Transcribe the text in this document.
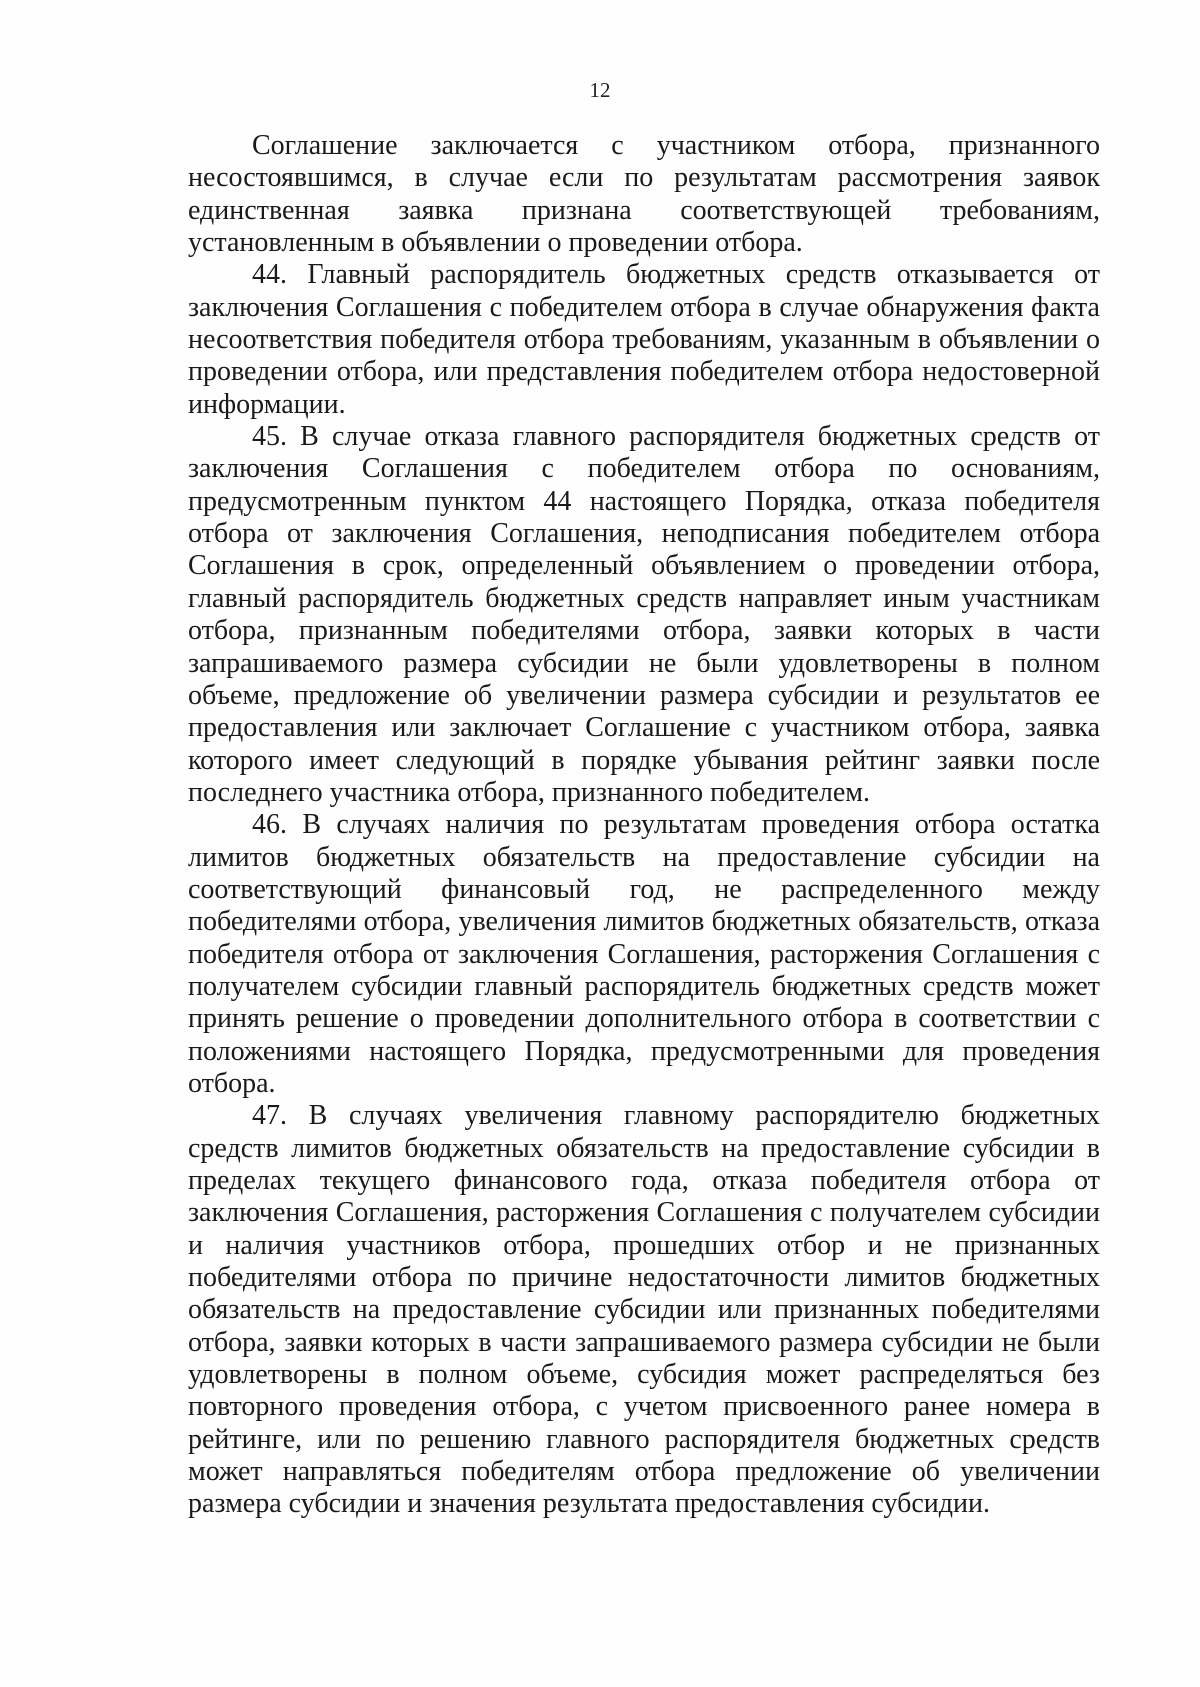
12

Соглашение заключается с участником отбора, признанного несостоявшимся, в случае если по результатам рассмотрения заявок единственная заявка признана соответствующей требованиям, установленным в объявлении о проведении отбора.

44. Главный распорядитель бюджетных средств отказывается от заключения Соглашения с победителем отбора в случае обнаружения факта несоответствия победителя отбора требованиям, указанным в объявлении о проведении отбора, или представления победителем отбора недостоверной информации.

45. В случае отказа главного распорядителя бюджетных средств от заключения Соглашения с победителем отбора по основаниям, предусмотренным пунктом 44 настоящего Порядка, отказа победителя отбора от заключения Соглашения, неподписания победителем отбора Соглашения в срок, определенный объявлением о проведении отбора, главный распорядитель бюджетных средств направляет иным участникам отбора, признанным победителями отбора, заявки которых в части запрашиваемого размера субсидии не были удовлетворены в полном объеме, предложение об увеличении размера субсидии и результатов ее предоставления или заключает Соглашение с участником отбора, заявка которого имеет следующий в порядке убывания рейтинг заявки после последнего участника отбора, признанного победителем.

46. В случаях наличия по результатам проведения отбора остатка лимитов бюджетных обязательств на предоставление субсидии на соответствующий финансовый год, не распределенного между победителями отбора, увеличения лимитов бюджетных обязательств, отказа победителя отбора от заключения Соглашения, расторжения Соглашения с получателем субсидии главный распорядитель бюджетных средств может принять решение о проведении дополнительного отбора в соответствии с положениями настоящего Порядка, предусмотренными для проведения отбора.

47. В случаях увеличения главному распорядителю бюджетных средств лимитов бюджетных обязательств на предоставление субсидии в пределах текущего финансового года, отказа победителя отбора от заключения Соглашения, расторжения Соглашения с получателем субсидии и наличия участников отбора, прошедших отбор и не признанных победителями отбора по причине недостаточности лимитов бюджетных обязательств на предоставление субсидии или признанных победителями отбора, заявки которых в части запрашиваемого размера субсидии не были удовлетворены в полном объеме, субсидия может распределяться без повторного проведения отбора, с учетом присвоенного ранее номера в рейтинге, или по решению главного распорядителя бюджетных средств может направляться победителям отбора предложение об увеличении размера субсидии и значения результата предоставления субсидии.
